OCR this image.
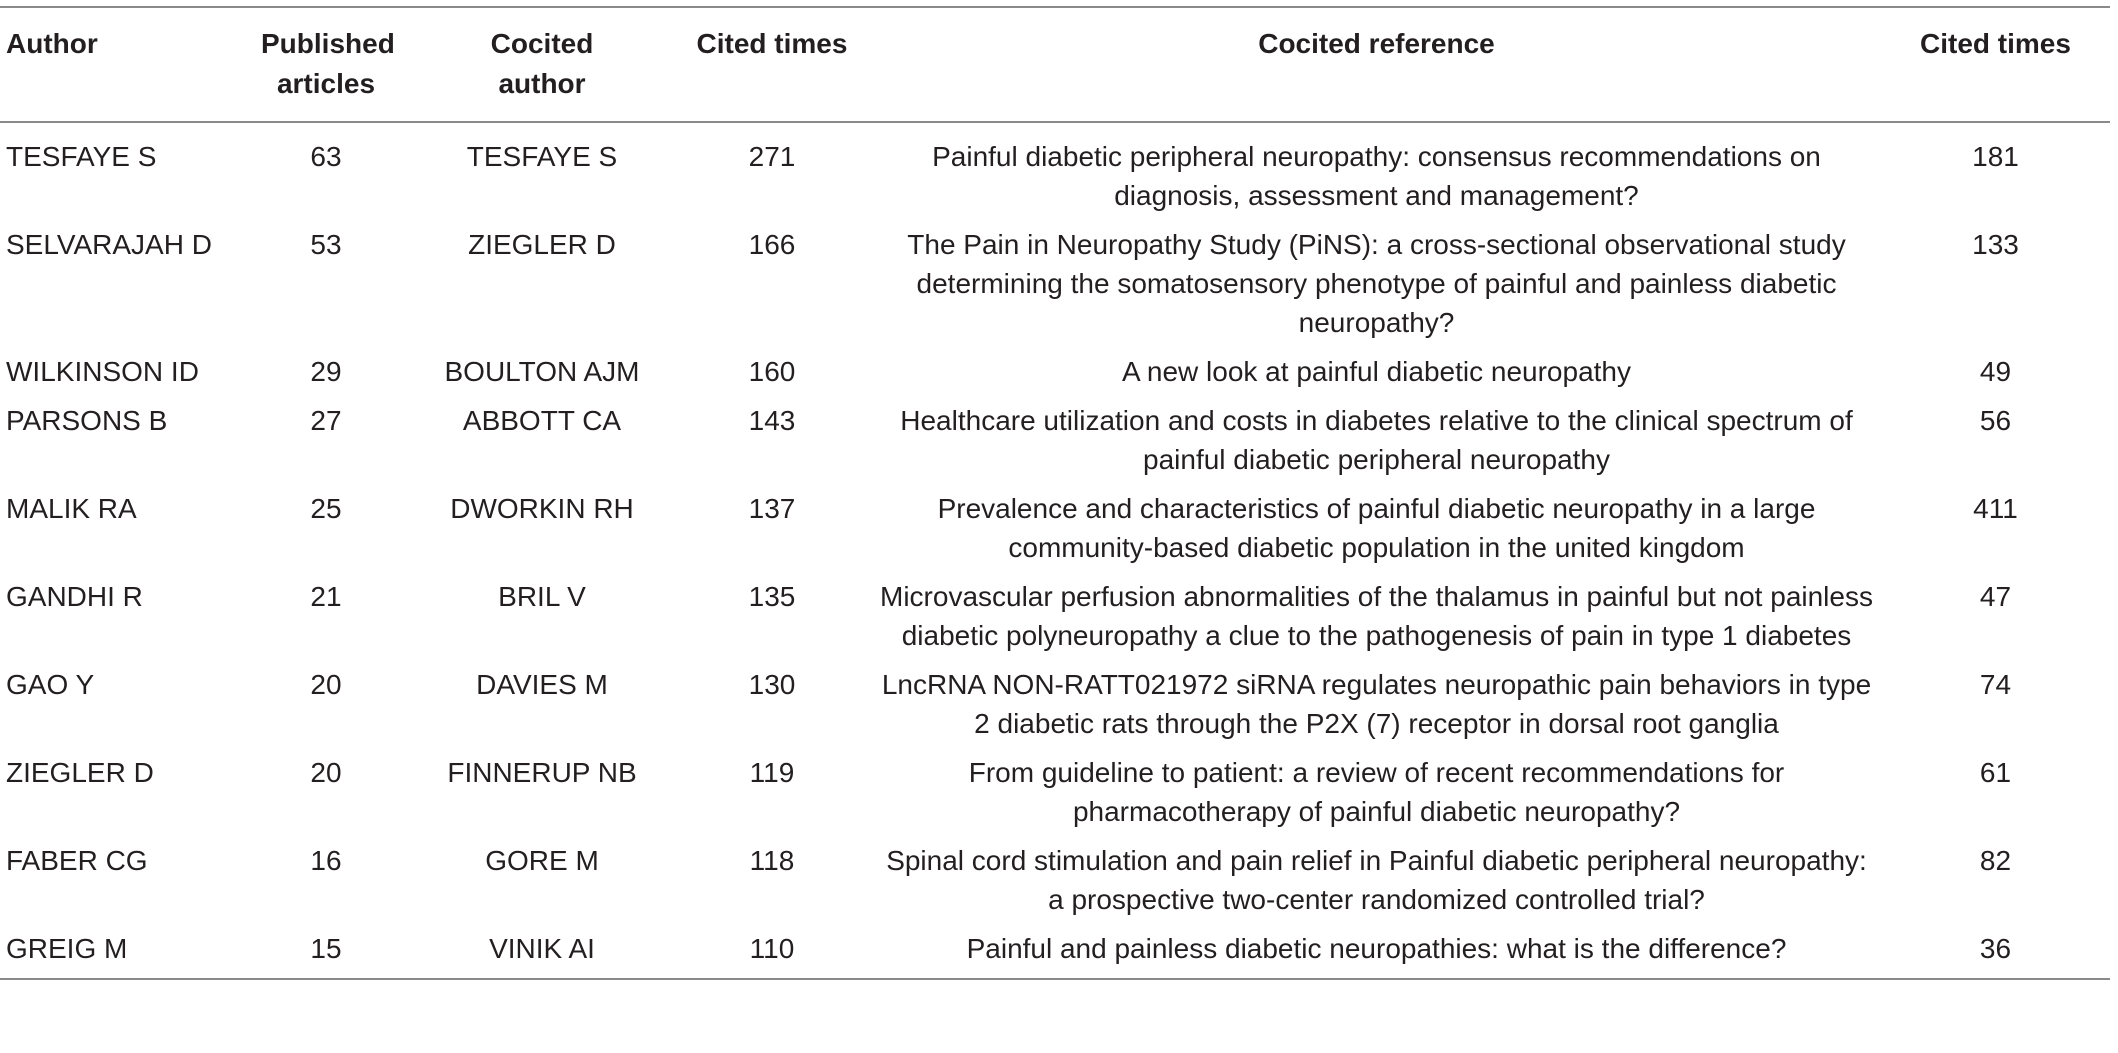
Author	Published articles	Cocited author	Cited times	Cocited reference	Cited times
TESFAYE S	63	TESFAYE S	271	Painful diabetic peripheral neuropathy: consensus recommendations on diagnosis, assessment and management?	181
SELVARAJAH D	53	ZIEGLER D	166	The Pain in Neuropathy Study (PiNS): a cross-sectional observational study determining the somatosensory phenotype of painful and painless diabetic neuropathy?	133
WILKINSON ID	29	BOULTON AJM	160	A new look at painful diabetic neuropathy	49
PARSONS B	27	ABBOTT CA	143	Healthcare utilization and costs in diabetes relative to the clinical spectrum of painful diabetic peripheral neuropathy	56
MALIK RA	25	DWORKIN RH	137	Prevalence and characteristics of painful diabetic neuropathy in a large community-based diabetic population in the united kingdom	411
GANDHI R	21	BRIL V	135	Microvascular perfusion abnormalities of the thalamus in painful but not painless diabetic polyneuropathy a clue to the pathogenesis of pain in type 1 diabetes	47
GAO Y	20	DAVIES M	130	LncRNA NON-RATT021972 siRNA regulates neuropathic pain behaviors in type 2 diabetic rats through the P2X (7) receptor in dorsal root ganglia	74
ZIEGLER D	20	FINNERUP NB	119	From guideline to patient: a review of recent recommendations for pharmacotherapy of painful diabetic neuropathy?	61
FABER CG	16	GORE M	118	Spinal cord stimulation and pain relief in Painful diabetic peripheral neuropathy: a prospective two-center randomized controlled trial?	82
GREIG M	15	VINIK AI	110	Painful and painless diabetic neuropathies: what is the difference?	36
